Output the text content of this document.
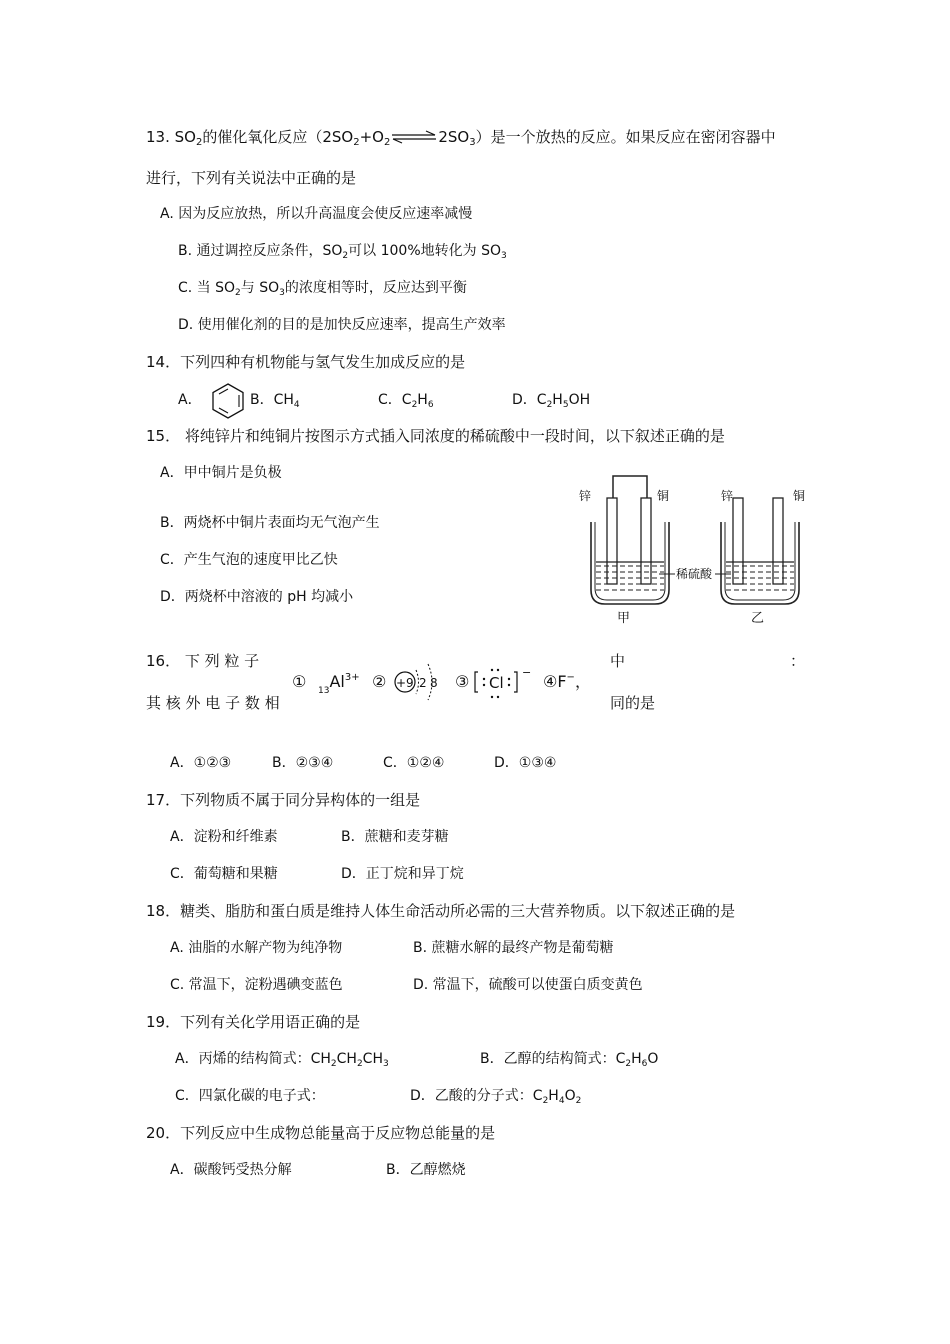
13. $SO_2$的催化氧化反应$(2SO_2+O_2\rightleftharpoons 2SO_3)$是一个放热的反应。如果反应在密闭容器中
进行，下列有关说法中正确的是
A. 因为反应放热，所以升高温度会使反应速率减慢
B. 通过调控反应条件，$SO_2$可以 100%地转化为 $SO_3$
C. 当 $SO_2$与 $SO_3$的浓度相等时，反应达到平衡
D. 使用催化剂的目的是加快反应速率，提高生产效率
14．下列四种有机物能与氢气发生加成反应的是
A．	B．$CH_4$	C．$C_2H_6$	D．$C_2H_5OH$
15． 将纯锌片和纯铜片按图示方式插入同浓度的稀硫酸中一段时间，以下叙述正确的是
A．甲中铜片是负极
B．两烧杯中铜片表面均无气泡产生
C．产生气泡的速度甲比乙快
D．两烧杯中溶液的 pH 均减小
锌	铜	锌	铜
稀硫酸
甲	乙
16． 下 列 粒 子	中	：
其 核 外 电 子 数 相	同的是
① $_{13}Al^{3+}$ ② +9 2 8 ③ Cl
− ④F−，
A．①②③	B．②③④	C．①②④	D．①③④
17．下列物质不属于同分异构体的一组是
A．淀粉和纤维素	B．蔗糖和麦芽糖
C．葡萄糖和果糖	D．正丁烷和异丁烷
18．糖类、脂肪和蛋白质是维持人体生命活动所必需的三大营养物质。以下叙述正确的是
A. 油脂的水解产物为纯净物	B. 蔗糖水解的最终产物是葡萄糖
C. 常温下，淀粉遇碘变蓝色	D. 常温下，硫酸可以使蛋白质变黄色
19．下列有关化学用语正确的是
A．丙烯的结构简式：$CH_2CH_2CH_3$	B．乙醇的结构简式：$C_2H_6O$
C．四氯化碳的电子式：	D．乙酸的分子式：$C_2H_4O_2$
20．下列反应中生成物总能量高于反应物总能量的是
A．碳酸钙受热分解	B．乙醇燃烧
